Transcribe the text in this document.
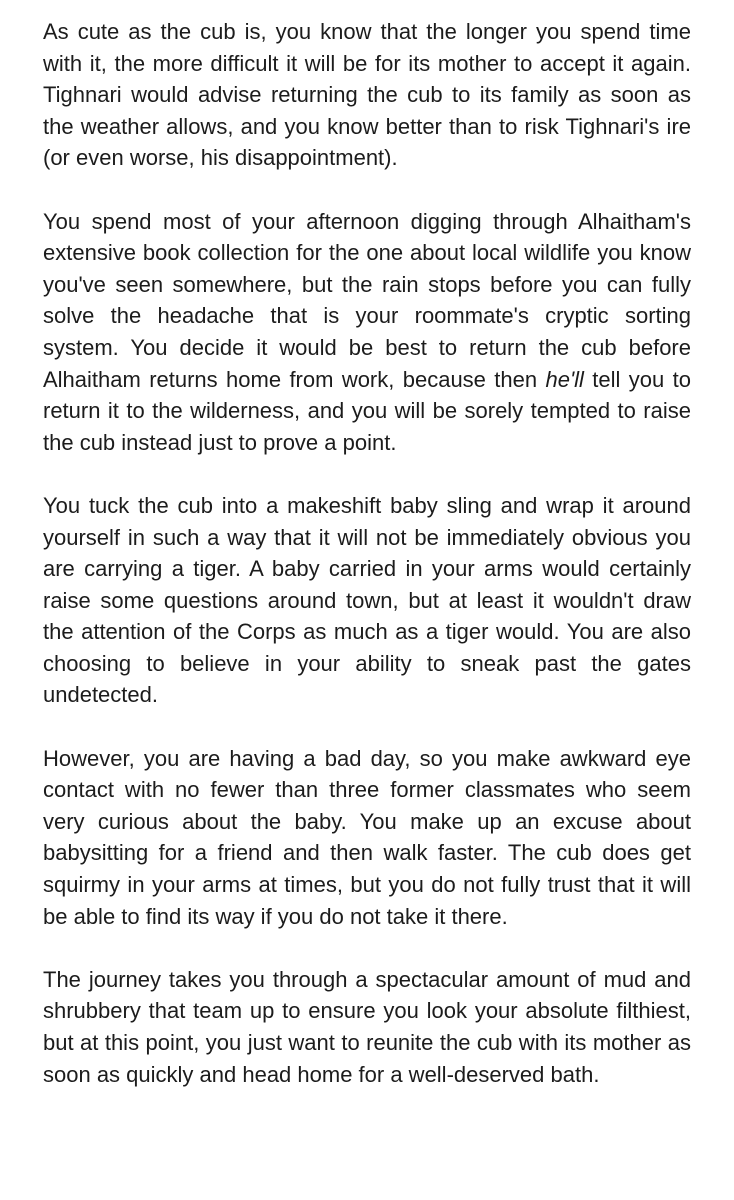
As cute as the cub is, you know that the longer you spend time with it, the more difficult it will be for its mother to accept it again. Tighnari would advise returning the cub to its family as soon as the weather allows, and you know better than to risk Tighnari's ire (or even worse, his disappointment).

You spend most of your afternoon digging through Alhaitham's extensive book collection for the one about local wildlife you know you've seen somewhere, but the rain stops before you can fully solve the headache that is your roommate's cryptic sorting system. You decide it would be best to return the cub before Alhaitham returns home from work, because then he'll tell you to return it to the wilderness, and you will be sorely tempted to raise the cub instead just to prove a point.

You tuck the cub into a makeshift baby sling and wrap it around yourself in such a way that it will not be immediately obvious you are carrying a tiger. A baby carried in your arms would certainly raise some questions around town, but at least it wouldn't draw the attention of the Corps as much as a tiger would. You are also choosing to believe in your ability to sneak past the gates undetected.

However, you are having a bad day, so you make awkward eye contact with no fewer than three former classmates who seem very curious about the baby. You make up an excuse about babysitting for a friend and then walk faster. The cub does get squirmy in your arms at times, but you do not fully trust that it will be able to find its way if you do not take it there.

The journey takes you through a spectacular amount of mud and shrubbery that team up to ensure you look your absolute filthiest, but at this point, you just want to reunite the cub with its mother as soon as quickly and head home for a well-deserved bath.
